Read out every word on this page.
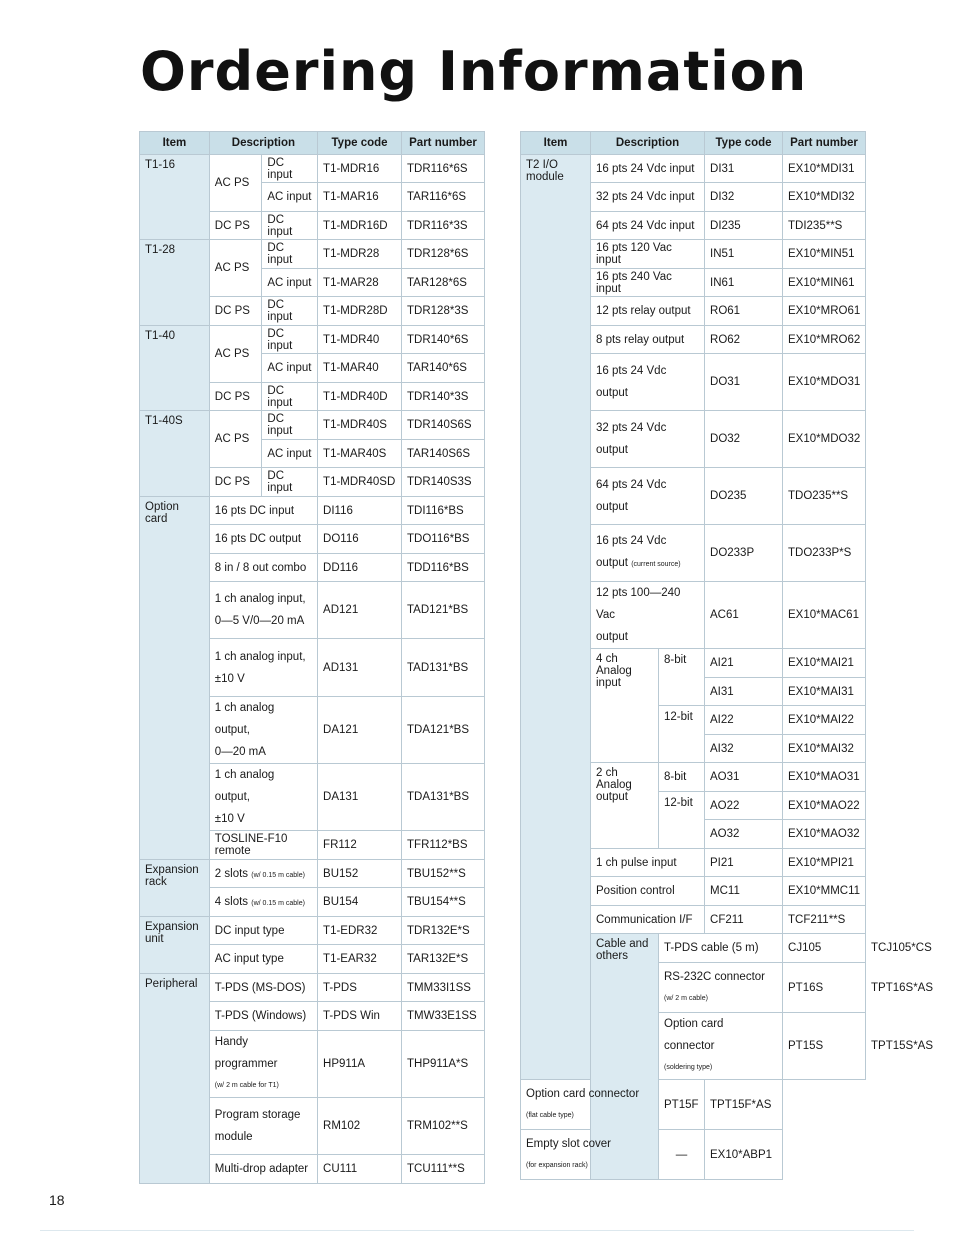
Ordering Information
Item	Description		Type code	Part number
T1-16	AC PS	DC input	T1-MDR16	TDR116*6S
		AC input	T1-MAR16	TAR116*6S
	DC PS	DC input	T1-MDR16D	TDR116*3S
T1-28	AC PS	DC input	T1-MDR28	TDR128*6S
		AC input	T1-MAR28	TAR128*6S
	DC PS	DC input	T1-MDR28D	TDR128*3S
T1-40	AC PS	DC input	T1-MDR40	TDR140*6S
		AC input	T1-MAR40	TAR140*6S
	DC PS	DC input	T1-MDR40D	TDR140*3S
T1-40S	AC PS	DC input	T1-MDR40S	TDR140S6S
		AC input	T1-MAR40S	TAR140S6S
	DC PS	DC input	T1-MDR40SD	TDR140S3S
Option
card	16 pts DC input		DI116	TDI116*BS
	16 pts DC output		DO116	TDO116*BS
	8 in / 8 out combo		DD116	TDD116*BS

	1 ch analog input,
0—5 V/0—20 mA		AD121	TAD121*BS

	1 ch analog input,
±10 V		AD131	TAD131*BS

	1 ch analog output,
0—20 mA		DA121	TDA121*BS

	1 ch analog output,
±10 V		DA131	TDA131*BS
	TOSLINE-F10 remote		FR112	TFR112*BS
Expansion
rack	2 slots (w/ 0.15 m cable)		BU152	TBU152**S
	4 slots (w/ 0.15 m cable)		BU154	TBU154**S
Expansion
unit	DC input type		T1-EDR32	TDR132E*S
	AC input type		T1-EAR32	TAR132E*S
Peripheral	T-PDS (MS-DOS)		T-PDS	TMM33I1SS
	T-PDS (Windows)		T-PDS Win	TMW33E1SS

	Handy programmer
(w/ 2 m cable for T1)		HP911A	THP911A*S

	Program storage
module		RM102	TRM102**S
	Multi-drop adapter		CU111	TCU111**S
Item	Description		Type code	Part number	
T2 I/O
module	16 pts 24 Vdc input		DI31	EX10*MDI31	
	32 pts 24 Vdc input		DI32	EX10*MDI32	
	64 pts 24 Vdc input		DI235	TDI235**S	
	16 pts 120 Vac input		IN51	EX10*MIN51	
	16 pts 240 Vac input		IN61	EX10*MIN61	
	12 pts relay output		RO61	EX10*MRO61	
	8 pts relay output		RO62	EX10*MRO62	

	16 pts 24 Vdc
output		DO31	EX10*MDO31	

	32 pts 24 Vdc
output		DO32	EX10*MDO32	

	64 pts 24 Vdc
output		DO235	TDO235**S	

	16 pts 24 Vdc
output (current source)		DO233P	TDO233P*S	

	12 pts 100—240 Vac
output		AC61	EX10*MAC61	
	4 ch Analog
input	8-bit	AI21	EX10*MAI21	
			AI31	EX10*MAI31	
		12-bit	AI22	EX10*MAI22	
			AI32	EX10*MAI32	
	2 ch Analog
output	8-bit	AO31	EX10*MAO31	
		12-bit	AO22	EX10*MAO22	
			AO32	EX10*MAO32	
	1 ch pulse input		PI21	EX10*MPI21	
	Position control		MC11	EX10*MMC11	
	Communication I/F		CF211	TCF211**S	
	Cable and
others	T-PDS cable (5 m)		CJ105	TCJ105*CS

		RS-232C connector
(w/ 2 m cable)		PT16S	TPT16S*AS

		Option card connector
(soldering type)		PT15S	TPT15S*AS

Option card connector
(flat cable type)		PT15F	TPT15F*AS		

Empty slot cover
(for expansion rack)		—	EX10*ABP1		
18
